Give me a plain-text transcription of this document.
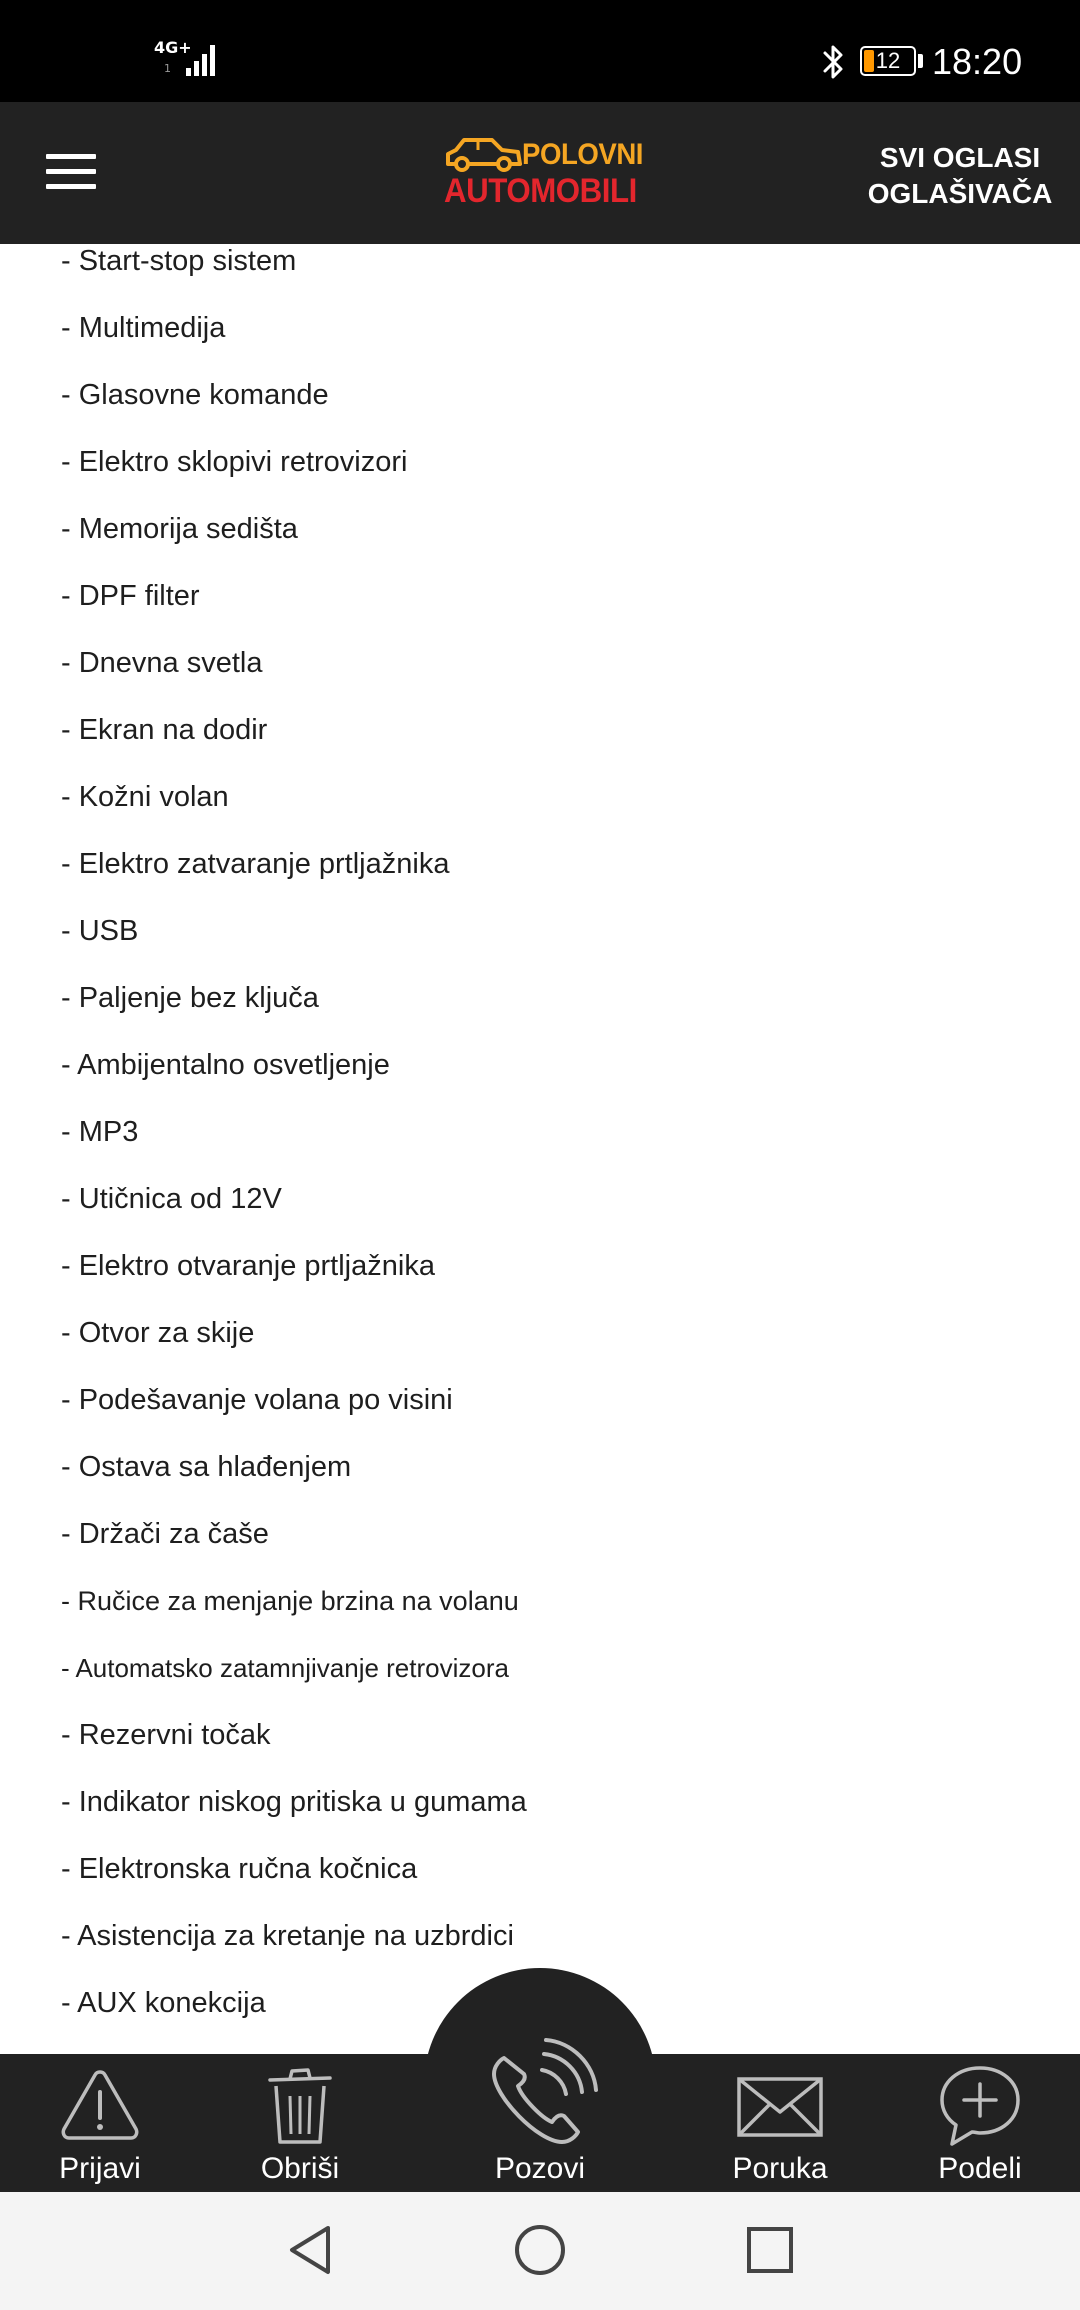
4G+
1	12 18:20
POLOVNI
AUTOMOBILI
SVI OGLASI
OGLAŠIVAČA
- Start-stop sistem
- Multimedija
- Glasovne komande
- Elektro sklopivi retrovizori
- Memorija sedišta
- DPF filter
- Dnevna svetla
- Ekran na dodir
- Kožni volan
- Elektro zatvaranje prtljažnika
- USB
- Paljenje bez ključa
- Ambijentalno osvetljenje
- MP3
- Utičnica od 12V
- Elektro otvaranje prtljažnika
- Otvor za skije
- Podešavanje volana po visini
- Ostava sa hlađenjem
- Držači za čaše
- Ručice za menjanje brzina na volanu
- Automatsko zatamnjivanje retrovizora
- Rezervni točak
- Indikator niskog pritiska u gumama
- Elektronska ručna kočnica
- Asistencija za kretanje na uzbrdici
- AUX konekcija
Prijavi	Obriši	Pozovi	Poruka	Podeli
